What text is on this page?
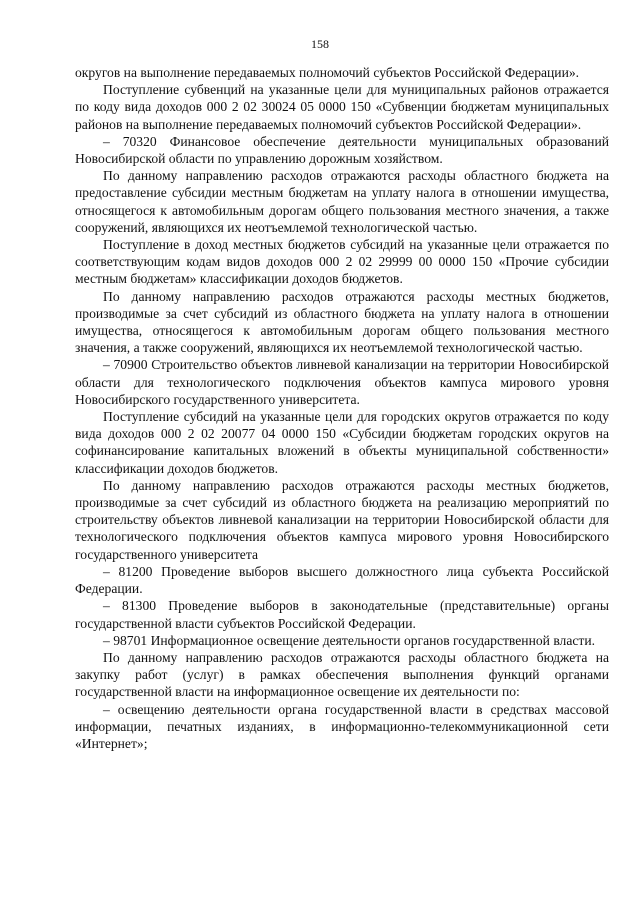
158

округов на выполнение передаваемых полномочий субъектов Российской Федерации».

Поступление субвенций на указанные цели для муниципальных районов отражается по коду вида доходов 000 2 02 30024 05 0000 150 «Субвенции бюджетам муниципальных районов на выполнение передаваемых полномочий субъектов Российской Федерации».

– 70320 Финансовое обеспечение деятельности муниципальных образований Новосибирской области по управлению дорожным хозяйством.

По данному направлению расходов отражаются расходы областного бюджета на предоставление субсидии местным бюджетам на уплату налога в отношении имущества, относящегося к автомобильным дорогам общего пользования местного значения, а также сооружений, являющихся их неотъемлемой технологической частью.

Поступление в доход местных бюджетов субсидий на указанные цели отражается по соответствующим кодам видов доходов 000 2 02 29999 00 0000 150 «Прочие субсидии местным бюджетам» классификации доходов бюджетов.

По данному направлению расходов отражаются расходы местных бюджетов, производимые за счет субсидий из областного бюджета на уплату налога в отношении имущества, относящегося к автомобильным дорогам общего пользования местного значения, а также сооружений, являющихся их неотъемлемой технологической частью.

– 70900 Строительство объектов ливневой канализации на территории Новосибирской области для технологического подключения объектов кампуса мирового уровня Новосибирского государственного университета.

Поступление субсидий на указанные цели для городских округов отражается по коду вида доходов 000 2 02 20077 04 0000 150 «Субсидии бюджетам городских округов на софинансирование капитальных вложений в объекты муниципальной собственности» классификации доходов бюджетов.

По данному направлению расходов отражаются расходы местных бюджетов, производимые за счет субсидий из областного бюджета на реализацию мероприятий по строительству объектов ливневой канализации на территории Новосибирской области для технологического подключения объектов кампуса мирового уровня Новосибирского государственного университета

– 81200 Проведение выборов высшего должностного лица субъекта Российской Федерации.

– 81300 Проведение выборов в законодательные (представительные) органы государственной власти субъектов Российской Федерации.

– 98701 Информационное освещение деятельности органов государственной власти.

По данному направлению расходов отражаются расходы областного бюджета на закупку работ (услуг) в рамках обеспечения выполнения функций органами государственной власти на информационное освещение их деятельности по:

– освещению деятельности органа государственной власти в средствах массовой информации, печатных изданиях, в информационно-телекоммуникационной сети «Интернет»;
